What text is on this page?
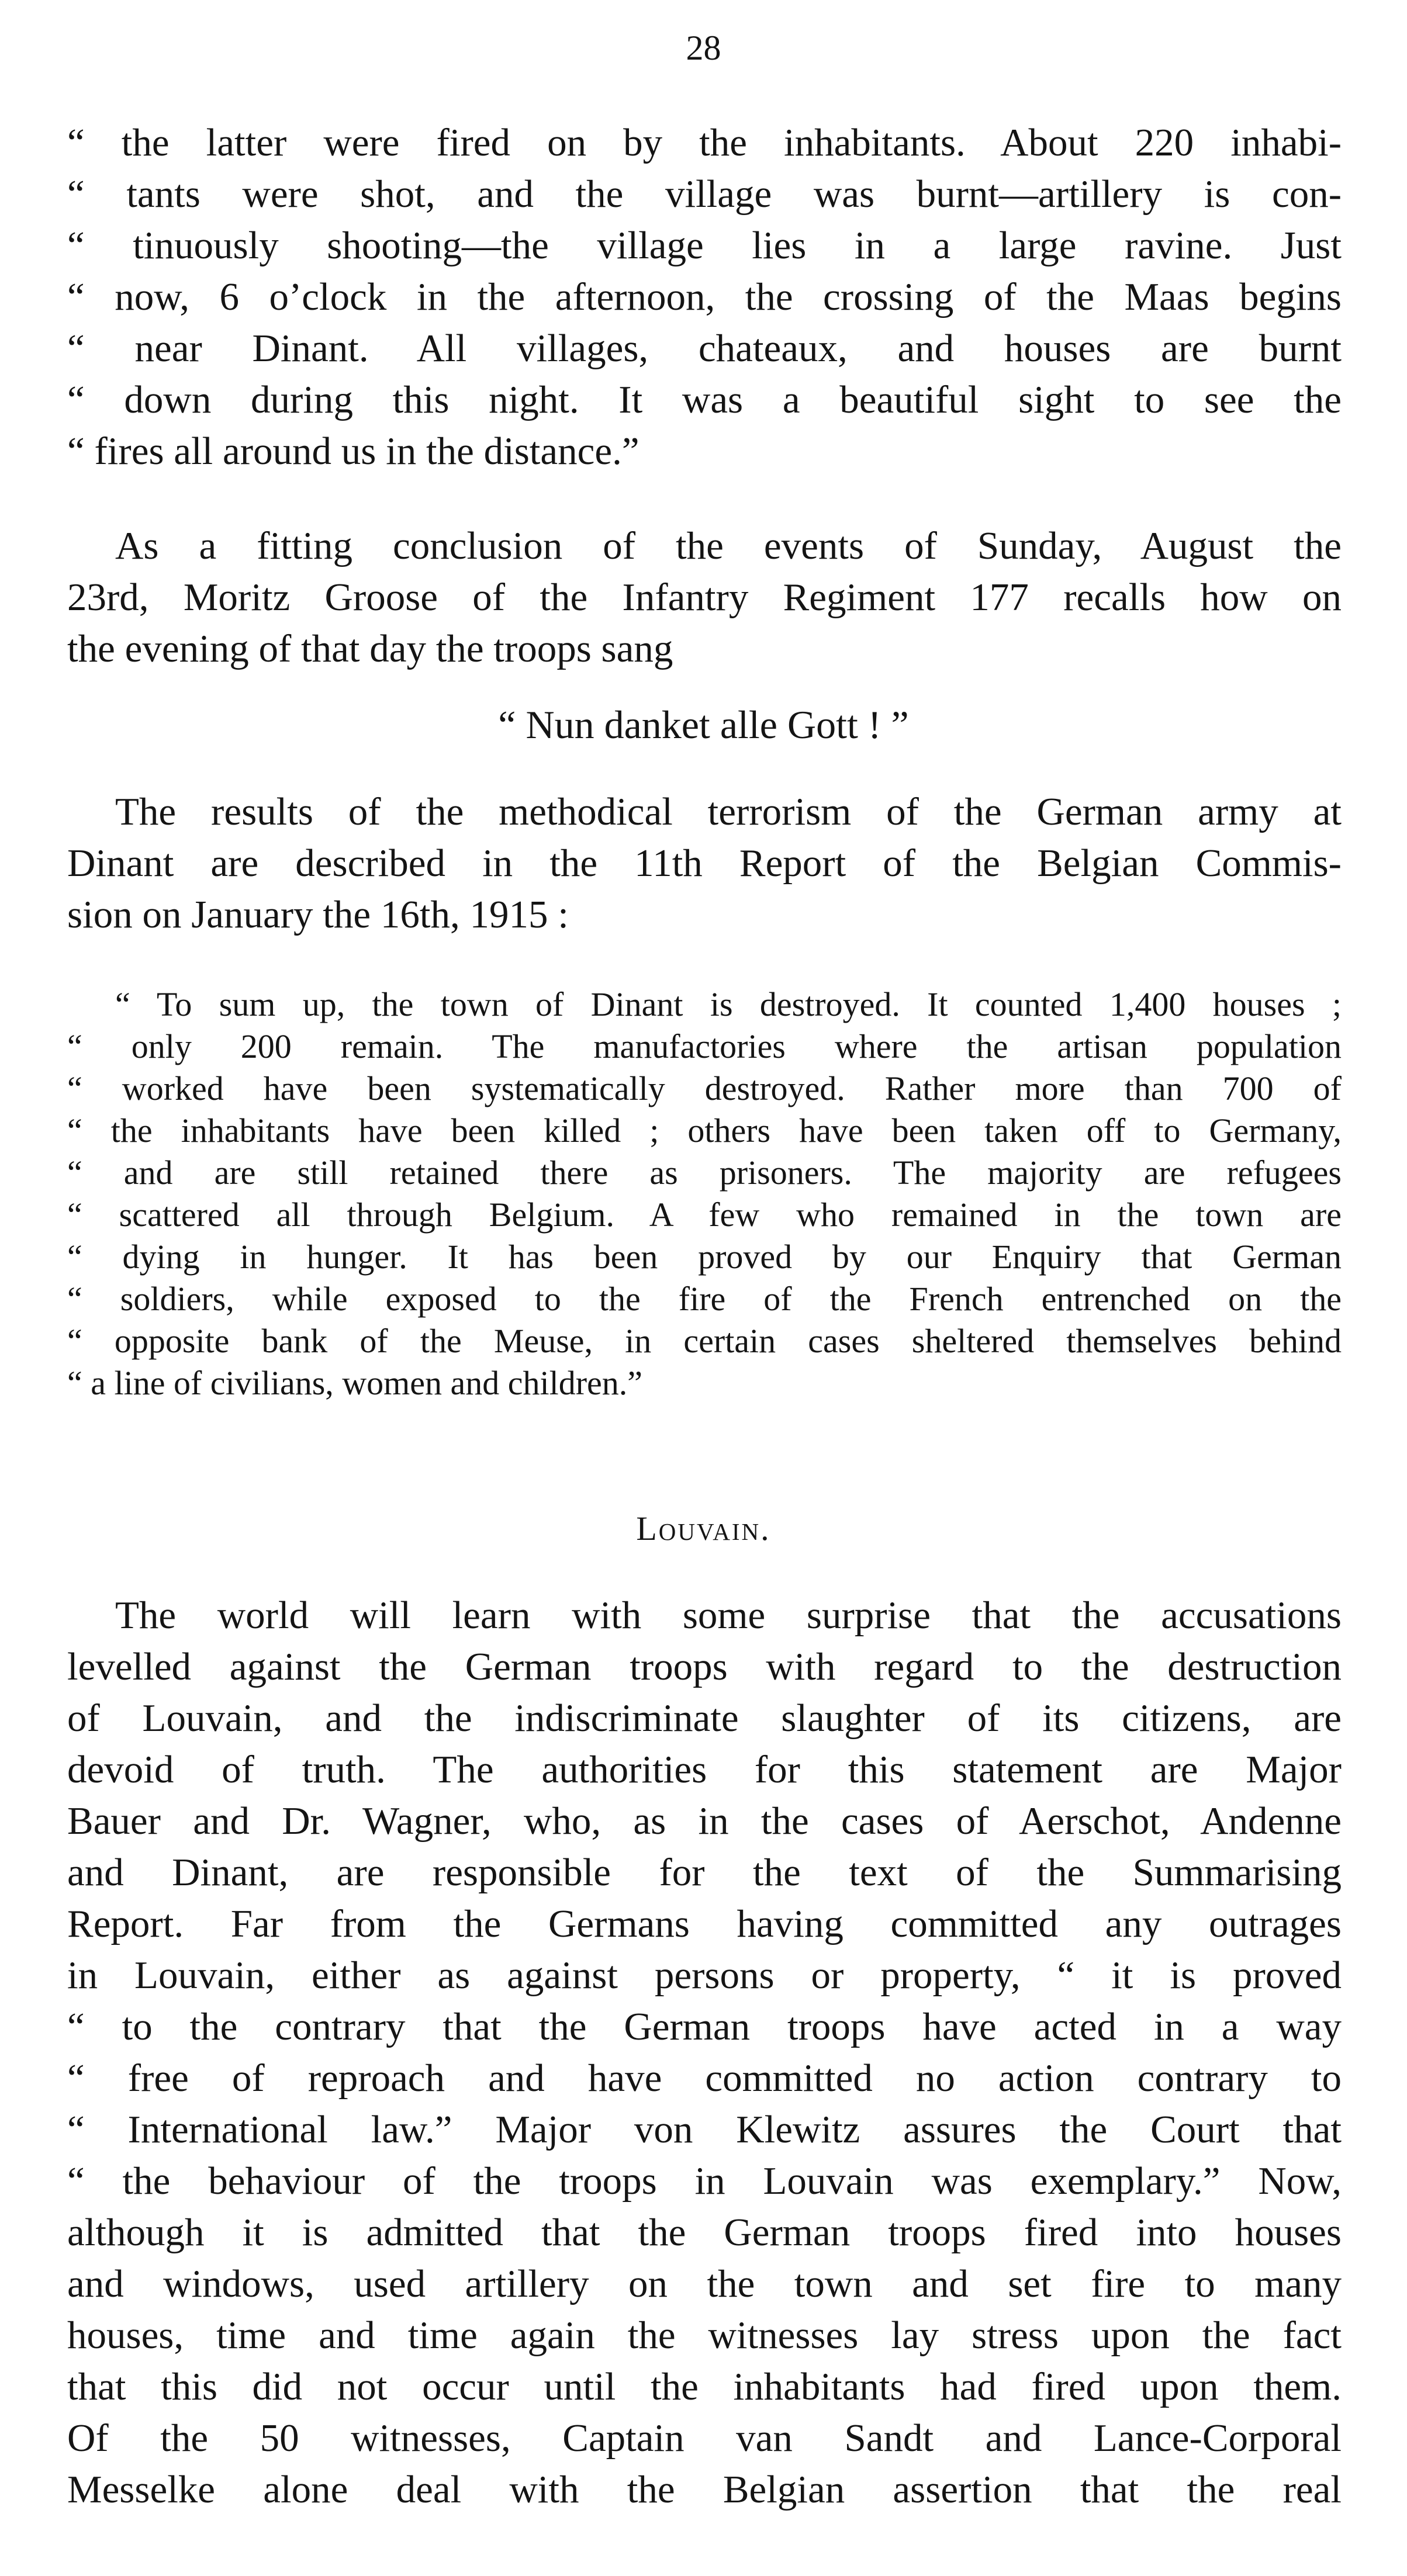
28
“ the latter were fired on by the inhabitants. About 220 inhabi-
“ tants were shot, and the village was burnt—artillery is con-
“ tinuously shooting—the village lies in a large ravine. Just
“ now, 6 o’clock in the afternoon, the crossing of the Maas begins
“ near Dinant. All villages, chateaux, and houses are burnt
“ down during this night. It was a beautiful sight to see the
“ fires all around us in the distance.”
As a fitting conclusion of the events of Sunday, August the
23rd, Moritz Groose of the Infantry Regiment 177 recalls how on
the evening of that day the troops sang
“ Nun danket alle Gott ! ”
The results of the methodical terrorism of the German army at
Dinant are described in the 11th Report of the Belgian Commis-
sion on January the 16th, 1915 :
“ To sum up, the town of Dinant is destroyed. It counted 1,400 houses ;
“ only 200 remain. The manufactories where the artisan population
“ worked have been systematically destroyed. Rather more than 700 of
“ the inhabitants have been killed ; others have been taken off to Germany,
“ and are still retained there as prisoners. The majority are refugees
“ scattered all through Belgium. A few who remained in the town are
“ dying in hunger. It has been proved by our Enquiry that German
“ soldiers, while exposed to the fire of the French entrenched on the
“ opposite bank of the Meuse, in certain cases sheltered themselves behind
“ a line of civilians, women and children.”
Louvain.
The world will learn with some surprise that the accusations
levelled against the German troops with regard to the destruction
of Louvain, and the indiscriminate slaughter of its citizens, are
devoid of truth. The authorities for this statement are Major
Bauer and Dr. Wagner, who, as in the cases of Aerschot, Andenne
and Dinant, are responsible for the text of the Summarising
Report. Far from the Germans having committed any outrages
in Louvain, either as against persons or property, “ it is proved
“ to the contrary that the German troops have acted in a way
“ free of reproach and have committed no action contrary to
“ International law.” Major von Klewitz assures the Court that
“ the behaviour of the troops in Louvain was exemplary.” Now,
although it is admitted that the German troops fired into houses
and windows, used artillery on the town and set fire to many
houses, time and time again the witnesses lay stress upon the fact
that this did not occur until the inhabitants had fired upon them.
Of the 50 witnesses, Captain van Sandt and Lance-Corporal
Messelke alone deal with the Belgian assertion that the real
